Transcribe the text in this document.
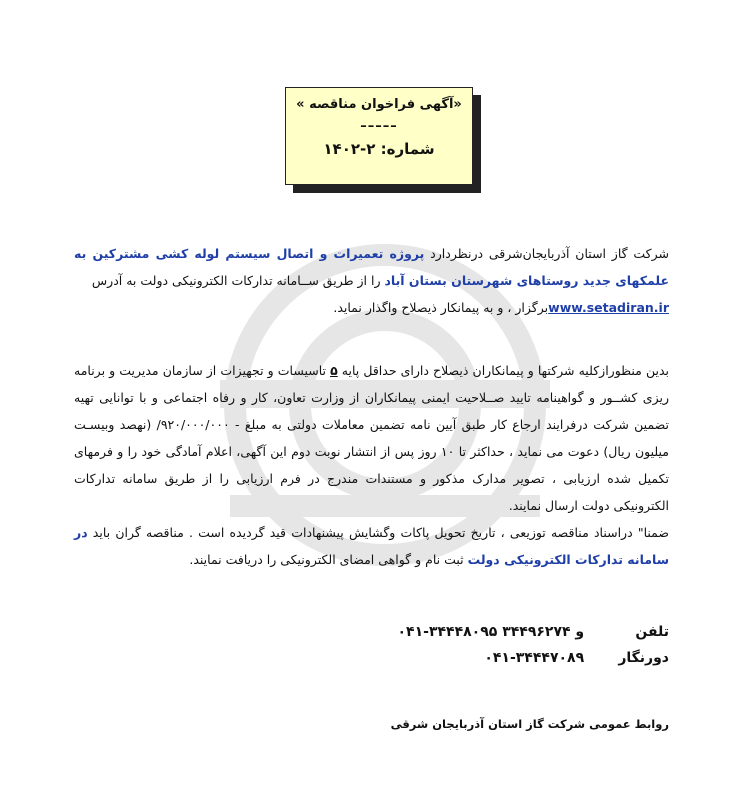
«آگهی فراخوان مناقصه »
–––––
شماره: ۲-۱۴۰۲
شرکت گاز استان آذربایجان‌شرقی درنظردارد پروژه تعمیرات و اتصال سیستم لوله کشی مشترکین به علمکهای جدید روستاهای شهرستان بستان آباد را از طریق ســامانه تدارکات الکترونیکی دولت به آدرس
www.setadiran.irبرگزار ، و به پیمانکار ذیصلاح واگذار نماید.
بدین منظوراز‌کلیه شرکتها و پیمانکاران ذیصلاح دارای حداقل پایه ۵ تاسیسات و تجهیزات از سازمان مدیریت و برنامه ریزی کشــور و گواهینامه تایید صــلاحیت ایمنی پیمانکاران از وزارت تعاون، کار و رفاه اجتماعی و با توانایی تهیه تضمین شرکت درفرایند ارجاع کار طبق آیین نامه تضمین معاملات دولتی به مبلغ - ۹۲۰/۰۰۰/۰۰۰/ (نهصد وبیسـت میلیون ریال) دعوت می نماید ، حداکثر تا ۱۰ روز پس از انتشار نوبت دوم این آگهی، اعلام آمادگی خود را و فرمهای تکمیل شده ارزیابی ، تصویر مدارک مذکور و مستندات مندرج در فرم ارزیابی را از طریق سامانه تدارکات الکترونیکی دولت ارسال نمایند.
ضمنا" دراسناد مناقصه توزیعی ، تاریخ تحویل پاکات وگشایش پیشنهادات قید گردیده است . مناقصه گران باید در سامانه تدارکات الکترونیکی دولت ثبت نام و گواهی امضای الکترونیکی را دریافت نمایند.
تلفن ۰۴۱-۳۴۴۴۸۰۹۵ و ۳۴۴۹۶۲۷۴
دورنگار ۰۴۱-۳۴۴۴۷۰۸۹
روابط عمومی شرکت گاز استان آذربایجان شرقی
